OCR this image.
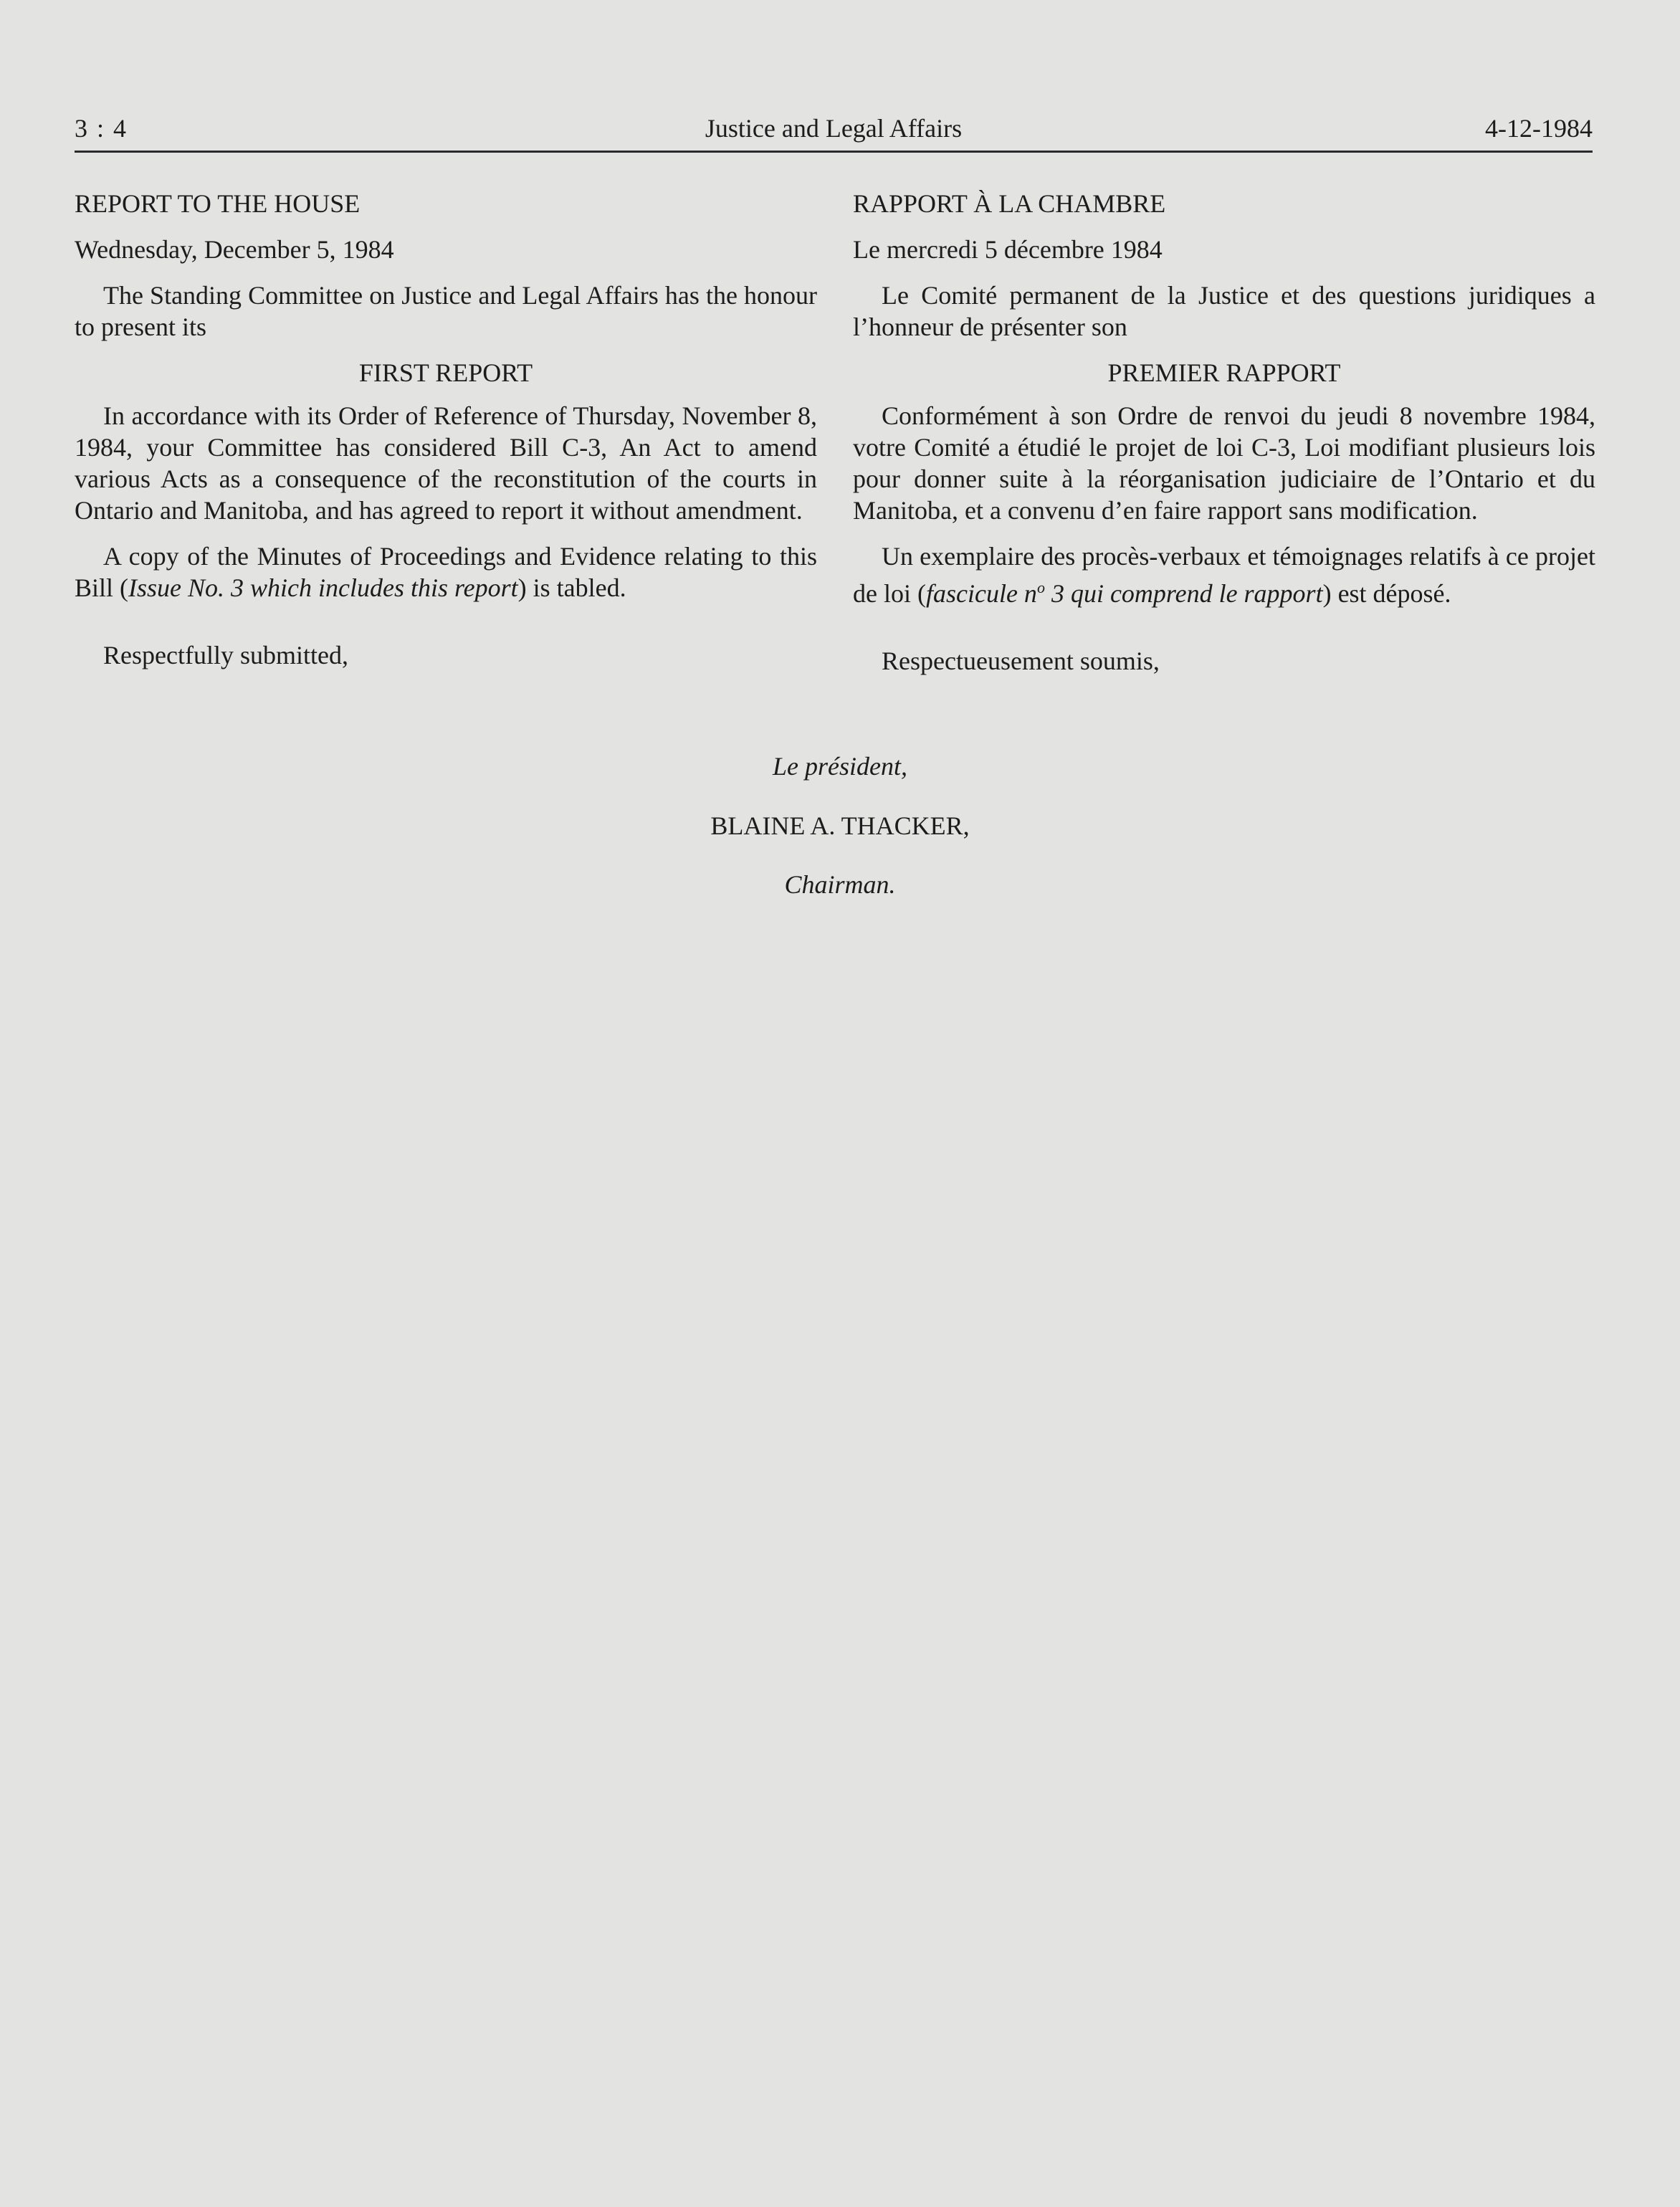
3 : 4	Justice and Legal Affairs	4-12-1984
REPORT TO THE HOUSE
Wednesday, December 5, 1984

The Standing Committee on Justice and Legal Affairs has the honour to present its

FIRST REPORT

In accordance with its Order of Reference of Thursday, November 8, 1984, your Committee has considered Bill C-3, An Act to amend various Acts as a consequence of the reconstitution of the courts in Ontario and Manitoba, and has agreed to report it without amendment.

A copy of the Minutes of Proceedings and Evidence relating to this Bill (Issue No. 3 which includes this report) is tabled.

Respectfully submitted,
RAPPORT À LA CHAMBRE
Le mercredi 5 décembre 1984

Le Comité permanent de la Justice et des questions juridiques a l’honneur de présenter son

PREMIER RAPPORT

Conformément à son Ordre de renvoi du jeudi 8 novembre 1984, votre Comité a étudié le projet de loi C-3, Loi modifiant plusieurs lois pour donner suite à la réorganisation judiciaire de l’Ontario et du Manitoba, et a convenu d’en faire rapport sans modification.

Un exemplaire des procès-verbaux et témoignages relatifs à ce projet de loi (fascicule $n^o$ 3 qui comprend le rapport) est déposé.

Respectueusement soumis,
Le président,
BLAINE A. THACKER,
Chairman.
